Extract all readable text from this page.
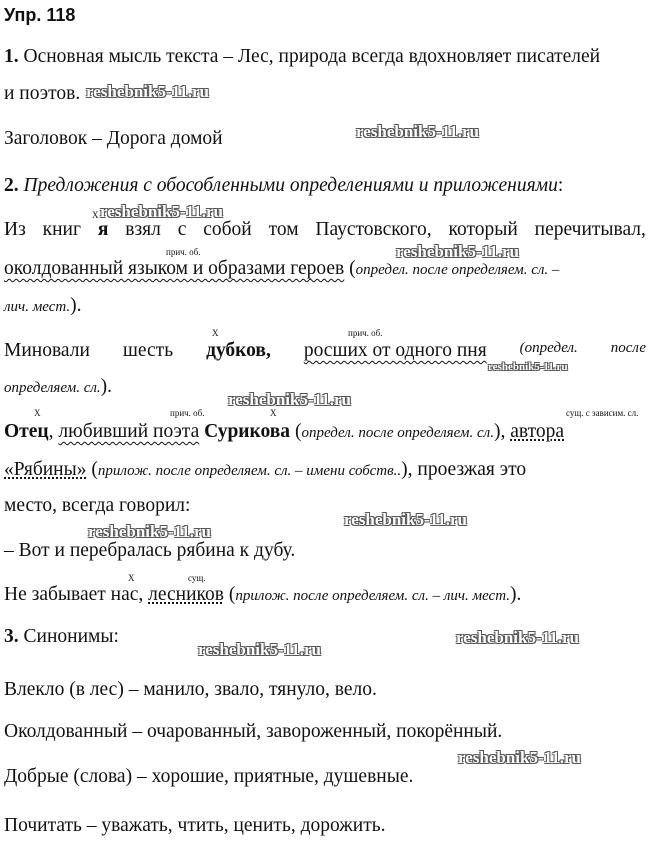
Упр. 118
1. Основная мысль текста – Лес, природа всегда вдохновляет писателей
и поэтов.
Заголовок – Дорога домой
2. Предложения с обособленными определениями и приложениями:
X
прич. об.
Из книг я взял с собой том Паустовского, который перечитывал,
околдованный языком и образами героев (определ. после определяем. сл. –
лич. мест.).
X	прич. об.
Миновали шесть дубков, росших от одного пня (определ. после
определяем. сл.).
X	прич. об.	X	сущ. с зависим. сл.
Отец, любивший поэта Сурикова (определ. после определяем. сл.), автора
«Рябины» (прилож. после определяем. сл. – имени собств..), проезжая это
место, всегда говорил:
– Вот и перебралась рябина к дубу.
X	сущ.
Не забывает нас, лесников (прилож. после определяем. сл. – лич. мест.).
3. Синонимы:
Влекло (в лес) – манило, звало, тянуло, вело.
Околдованный – очарованный, завороженный, покорённый.
Добрые (слова) – хорошие, приятные, душевные.
Почитать – уважать, чтить, ценить, дорожить.
reshebnik5-11.ru
reshebnik5-11.ru
reshebnik5-11.ru
reshebnik5-11.ru
reshebnik5-11.ru
reshebnik5-11.ru
reshebnik5-11.ru
reshebnik5-11.ru
reshebnik5-11.ru
reshebnik5-11.ru
reshebnik5-11.ru
